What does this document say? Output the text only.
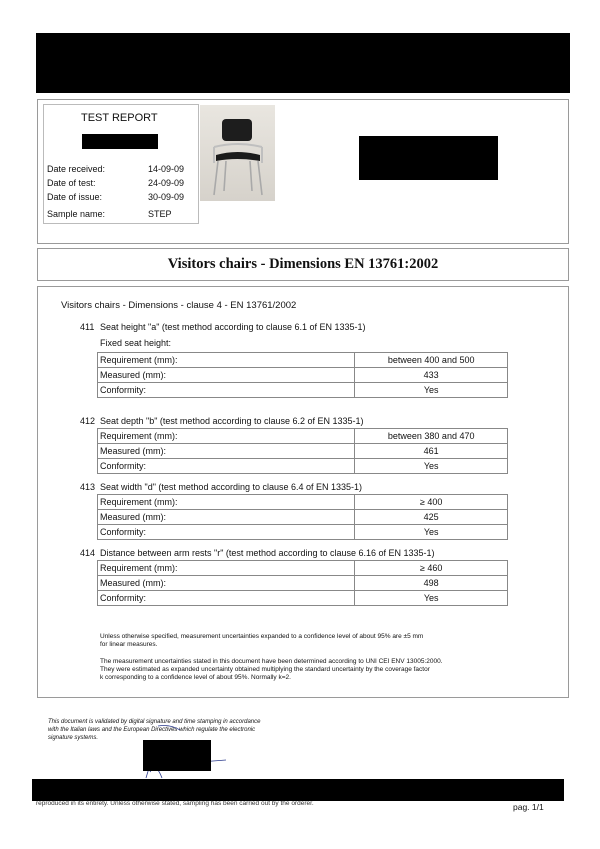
TEST REPORT
Date received:	14-09-09
Date of test:	24-09-09
Date of issue:	30-09-09
Sample name:	STEP
Visitors chairs - Dimensions EN 13761:2002
Visitors chairs - Dimensions - clause 4 - EN 13761/2002
411 Seat height "a" (test method according to clause 6.1 of EN 1335-1)
Fixed seat height:
Requirement (mm):	between 400 and 500
Measured (mm):	433
Conformity:	Yes
412 Seat depth "b" (test method according to clause 6.2 of EN 1335-1)
Requirement (mm):	between 380 and 470
Measured (mm):	461
Conformity:	Yes
413 Seat width "d" (test method according to clause 6.4 of EN 1335-1)
Requirement (mm):	≥ 400
Measured (mm):	425
Conformity:	Yes
414 Distance between arm rests "r" (test method according to clause 6.16 of EN 1335-1)
Requirement (mm):	≥ 460
Measured (mm):	498
Conformity:	Yes
Unless otherwise specified, measurement uncertainties expanded to a confidence level of about 95% are ±5 mm
for linear measures.
The measurement uncertainties stated in this document have been determined according to UNI CEI ENV 13005:2000.
They were estimated as expanded uncertainty obtained multiplying the standard uncertainty by the coverage factor
k corresponding to a confidence level of about 95%. Normally k=2.
This document is validated by digital signature and time stamping in accordance
with the Italian laws and the European Directives which regulate the electronic
signature systems.
reproduced in its entirety. Unless otherwise stated, sampling has been carried out by the orderer.	pag. 1/1
